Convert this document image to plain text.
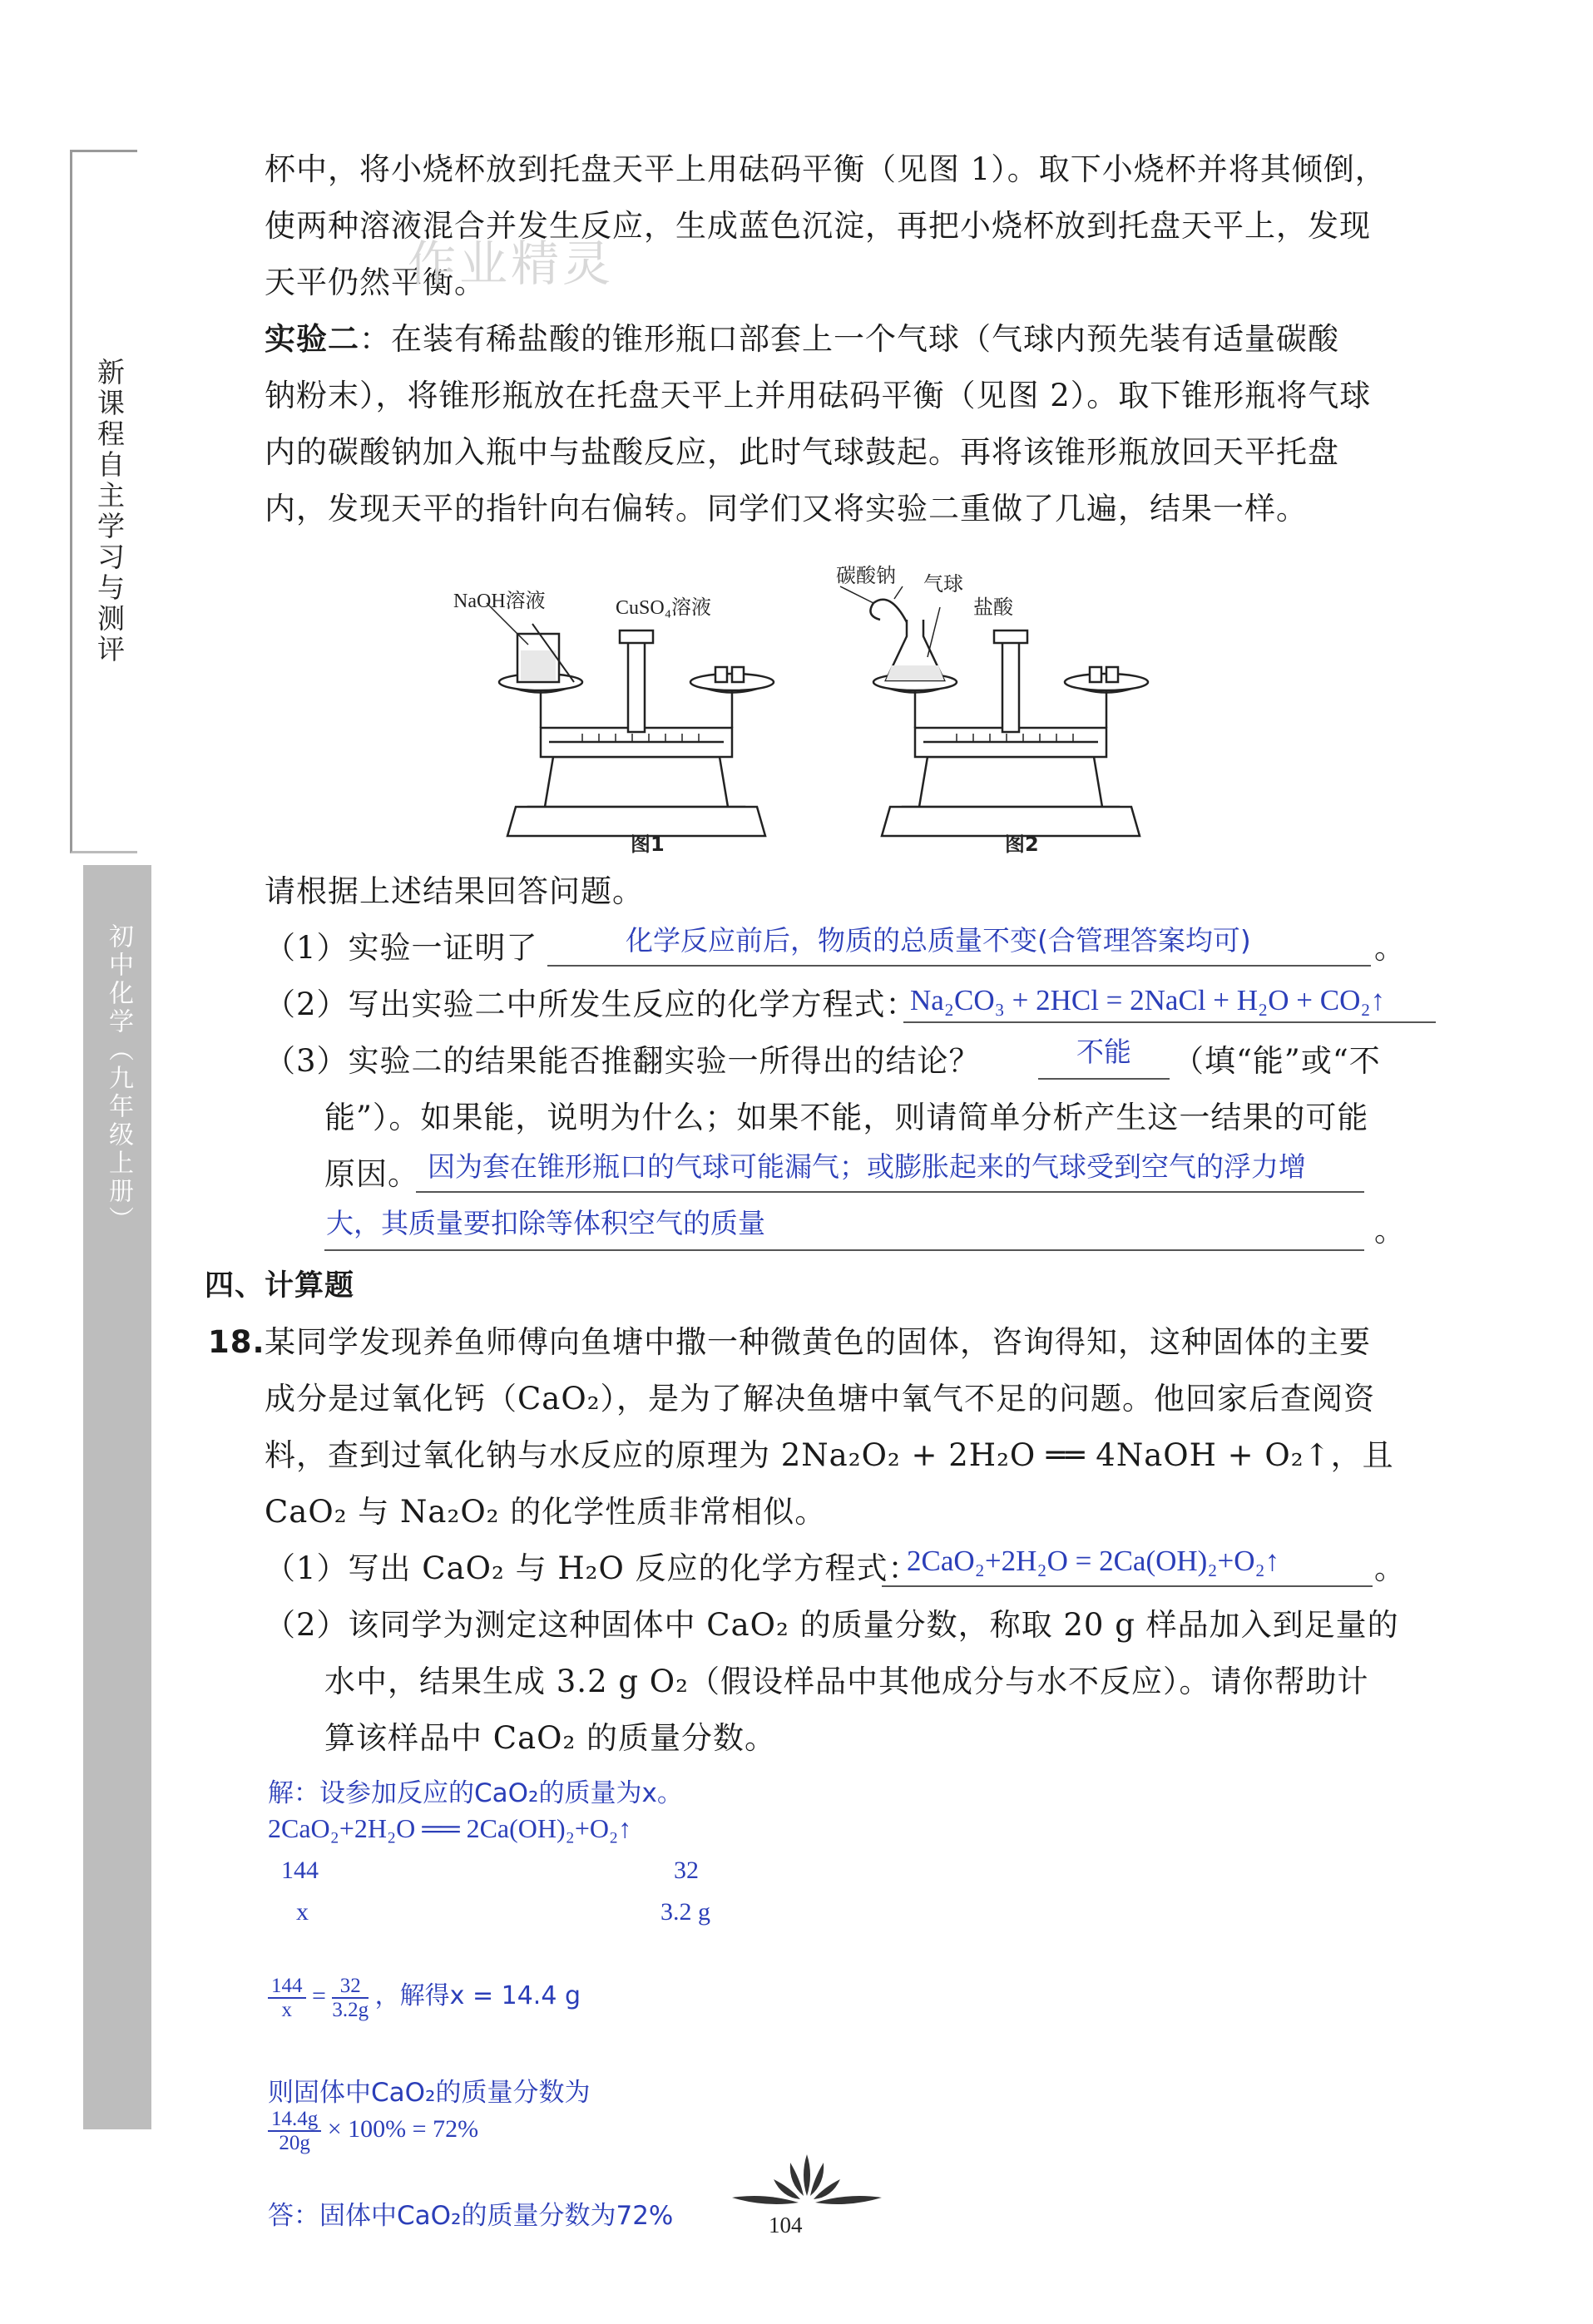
新课程自主学习与测评
初中化学（九年级上册）
杯中，将小烧杯放到托盘天平上用砝码平衡（见图 1）。取下小烧杯并将其倾倒，
使两种溶液混合并发生反应，生成蓝色沉淀，再把小烧杯放到托盘天平上，发现
天平仍然平衡。
作业精灵
实验二：在装有稀盐酸的锥形瓶口部套上一个气球（气球内预先装有适量碳酸
钠粉末），将锥形瓶放在托盘天平上并用砝码平衡（见图 2）。取下锥形瓶将气球
内的碳酸钠加入瓶中与盐酸反应，此时气球鼓起。再将该锥形瓶放回天平托盘
内，发现天平的指针向右偏转。同学们又将实验二重做了几遍，结果一样。
NaOH溶液	CuSO₄溶液
图1
碳酸钠 气球
盐酸
图2
请根据上述结果回答问题。
（1）实验一证明了	化学反应前后，物质的总质量不变(合管理答案均可)	。
（2）写出实验二中所发生反应的化学方程式：
Na₂CO₃ + 2HCl = 2NaCl + H₂O + CO₂↑
（3）实验二的结果能否推翻实验一所得出的结论？	不能 （填“能”或“不
能”）。如果能，说明为什么；如果不能，则请简单分析产生这一结果的可能
原因。 因为套在锥形瓶口的气球可能漏气；或膨胀起来的气球受到空气的浮力增
大，其质量要扣除等体积空气的质量	。
四、计算题
18. 某同学发现养鱼师傅向鱼塘中撒一种微黄色的固体，咨询得知，这种固体的主要
成分是过氧化钙（CaO₂），是为了解决鱼塘中氧气不足的问题。他回家后查阅资
料，查到过氧化钠与水反应的原理为 2Na₂O₂ + 2H₂O ══ 4NaOH + O₂↑，且
CaO₂ 与 Na₂O₂ 的化学性质非常相似。
（1）写出 CaO₂ 与 H₂O 反应的化学方程式：
2CaO₂+2H₂O = 2Ca(OH)₂+O₂↑	。
（2）该同学为测定这种固体中 CaO₂ 的质量分数，称取 20 g 样品加入到足量的
水中，结果生成 3.2 g O₂（假设样品中其他成分与水不反应）。请你帮助计
算该样品中 CaO₂ 的质量分数。
解：设参加反应的CaO₂的质量为x。
2CaO₂+2H₂O ══ 2Ca(OH)₂+O₂↑
144	32
x	3.2 g
$\frac{144}{x} = \frac{32}{3.2g}$ ，解得x = 14.4 g
则固体中CaO₂的质量分数为
$\frac{14.4g}{20g} \times 100\% = 72\%$
答：固体中CaO₂的质量分数为72%	104
